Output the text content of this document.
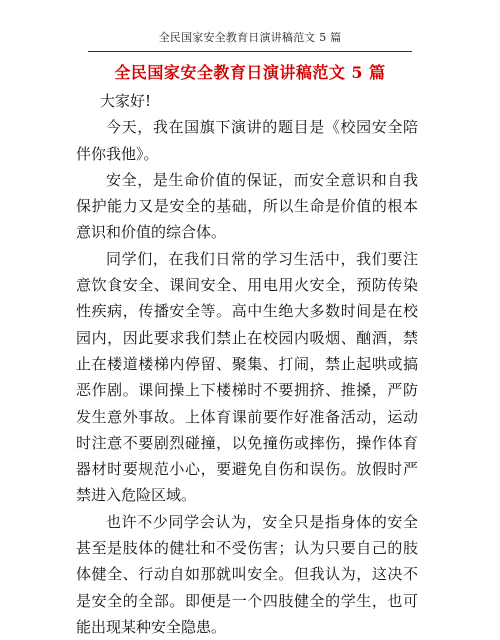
全民国家安全教育日演讲稿范文 5 篇
全民国家安全教育日演讲稿范文 5 篇

大家好!

今天，我在国旗下演讲的题目是《校园安全陪伴你我他》。

安全，是生命价值的保证，而安全意识和自我保护能力又是安全的基础，所以生命是价值的根本意识和价值的综合体。

同学们，在我们日常的学习生活中，我们要注意饮食安全、课间安全、用电用火安全，预防传染性疾病，传播安全等。高中生绝大多数时间是在校园内，因此要求我们禁止在校园内吸烟、酗酒，禁止在楼道楼梯内停留、聚集、打闹，禁止起哄或搞恶作剧。课间操上下楼梯时不要拥挤、推搡，严防发生意外事故。上体育课前要作好准备活动，运动时注意不要剧烈碰撞，以免撞伤或摔伤，操作体育器材时要规范小心，要避免自伤和误伤。放假时严禁进入危险区域。

也许不少同学会认为，安全只是指身体的安全甚至是肢体的健壮和不受伤害；认为只要自己的肢体健全、行动自如那就叫安全。但我认为，这决不是安全的全部。即便是一个四肢健全的学生，也可能出现某种安全隐患。
